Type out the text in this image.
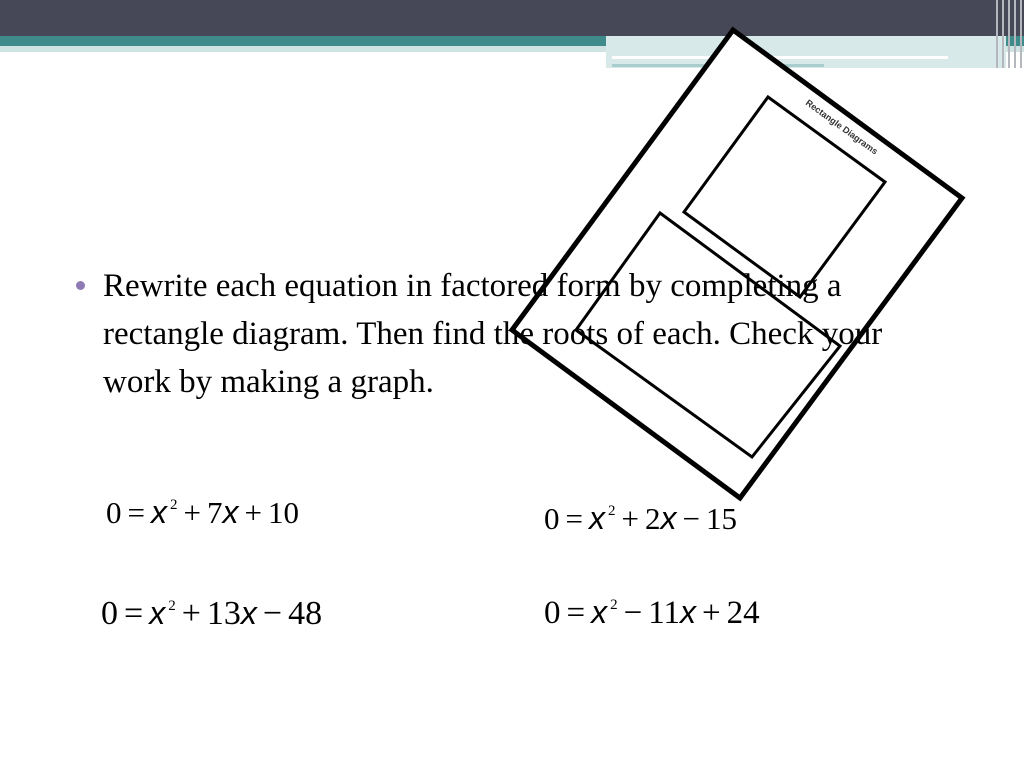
Rectangle Diagrams
Rewrite each equation in factored form by completing a rectangle diagram. Then find the roots of each. Check your work by making a graph.
0 = x $^2$ + 7x + 10	0 = x $^2$ + 2x − 15
0 = x $^2$ + 13x − 48	0 = x $^2$ − 11x + 24
